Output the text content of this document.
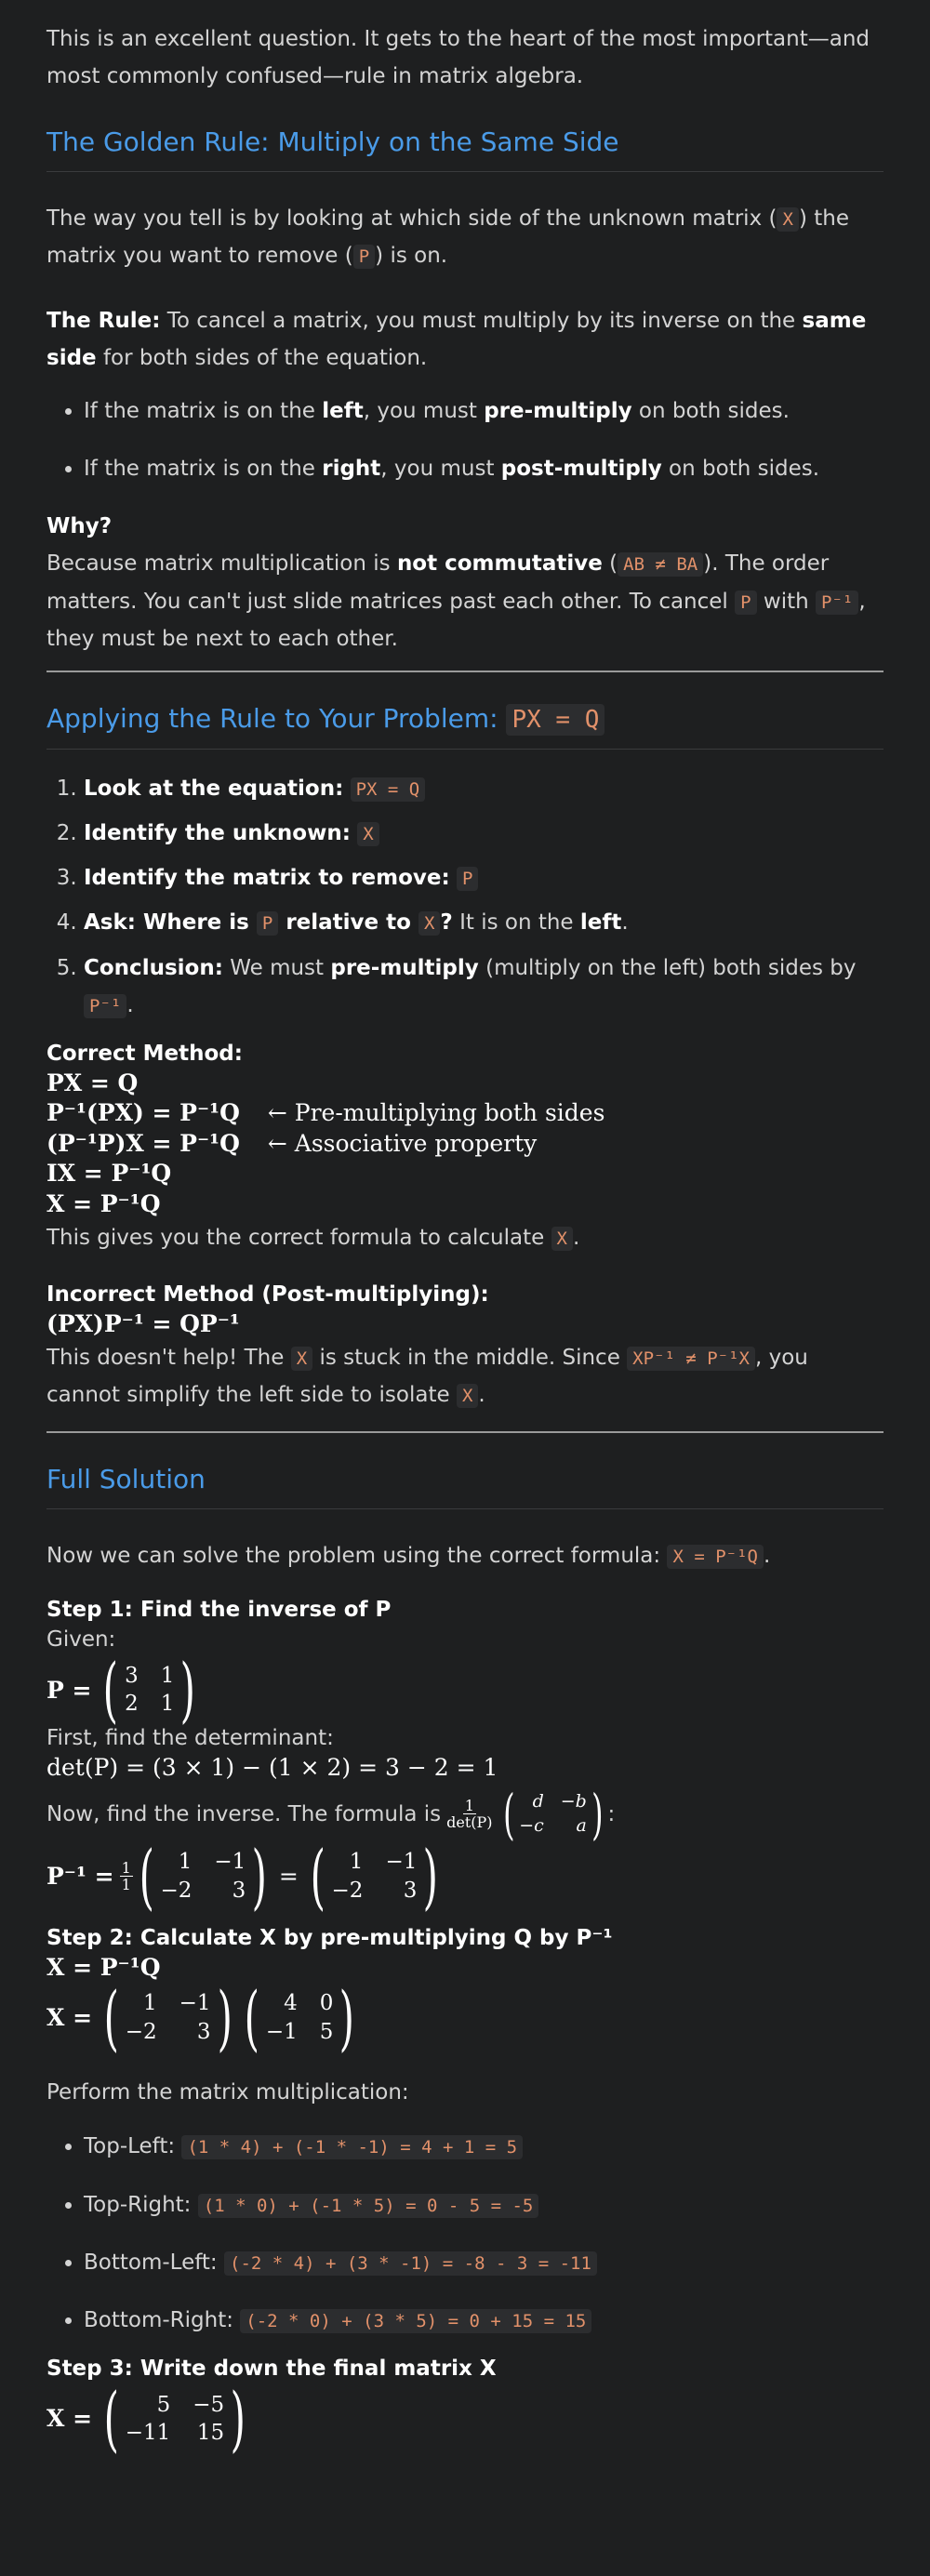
This is an excellent question. It gets to the heart of the most important—and most commonly confused—rule in matrix algebra.

The Golden Rule: Multiply on the Same Side

The way you tell is by looking at which side of the unknown matrix ( X ) the matrix you want to remove ( P ) is on.

The Rule: To cancel a matrix, you must multiply by its inverse on the same side for both sides of the equation.

• If the matrix is on the left, you must pre-multiply on both sides.
• If the matrix is on the right, you must post-multiply on both sides.

Why?

Because matrix multiplication is not commutative ( AB ≠ BA ). The order matters. You can't just slide matrices past each other. To cancel P with P⁻¹ , they must be next to each other.

Applying the Rule to Your Problem: PX = Q
1. Look at the equation: PX = Q
2. Identify the unknown: X
3. Identify the matrix to remove: P
4. Ask: Where is P relative to X ? It is on the left.
5. Conclusion: We must pre-multiply (multiply on the left) both sides by P⁻¹ .

Correct Method:

PX = Q
P⁻¹(PX) = P⁻¹Q ← Pre-multiplying both sides
(P⁻¹P)X = P⁻¹Q ← Associative property
IX = P⁻¹Q
X = P⁻¹Q

This gives you the correct formula to calculate X .

Incorrect Method (Post-multiplying):

(PX)P⁻¹ = QP⁻¹

This doesn't help! The X is stuck in the middle. Since XP⁻¹ ≠ P⁻¹X , you cannot simplify the left side to isolate X .

Full Solution

Now we can solve the problem using the correct formula: X = P⁻¹Q .

Step 1: Find the inverse of P

Given:

P = ( 3 1
2 1 )

First, find the determinant:

det(P) = (3 × 1) − (1 × 2) = 3 − 2 = 1
Now, find the inverse. The formula is $\frac{1}{\det(P)}$ (	d −b
−c	a ) :
$P^{-1} = \frac{1}{1}$ (	1 −1
−2	3 ) = (	1 −1
−2	3 )

Step 2: Calculate X by pre-multiplying Q by P⁻¹

X = P⁻¹Q
X = (	1 −1
−2	3 ) (	4 0
−1 5 )

Perform the matrix multiplication:

• Top-Left: (1 * 4) + (-1 * -1) = 4 + 1 = 5
• Top-Right: (1 * 0) + (-1 * 5) = 0 - 5 = -5
• Bottom-Left: (-2 * 4) + (3 * -1) = -8 - 3 = -11
• Bottom-Right: (-2 * 0) + (3 * 5) = 0 + 15 = 15

Step 3: Write down the final matrix X

X = (	5 −5
−11 15 )
